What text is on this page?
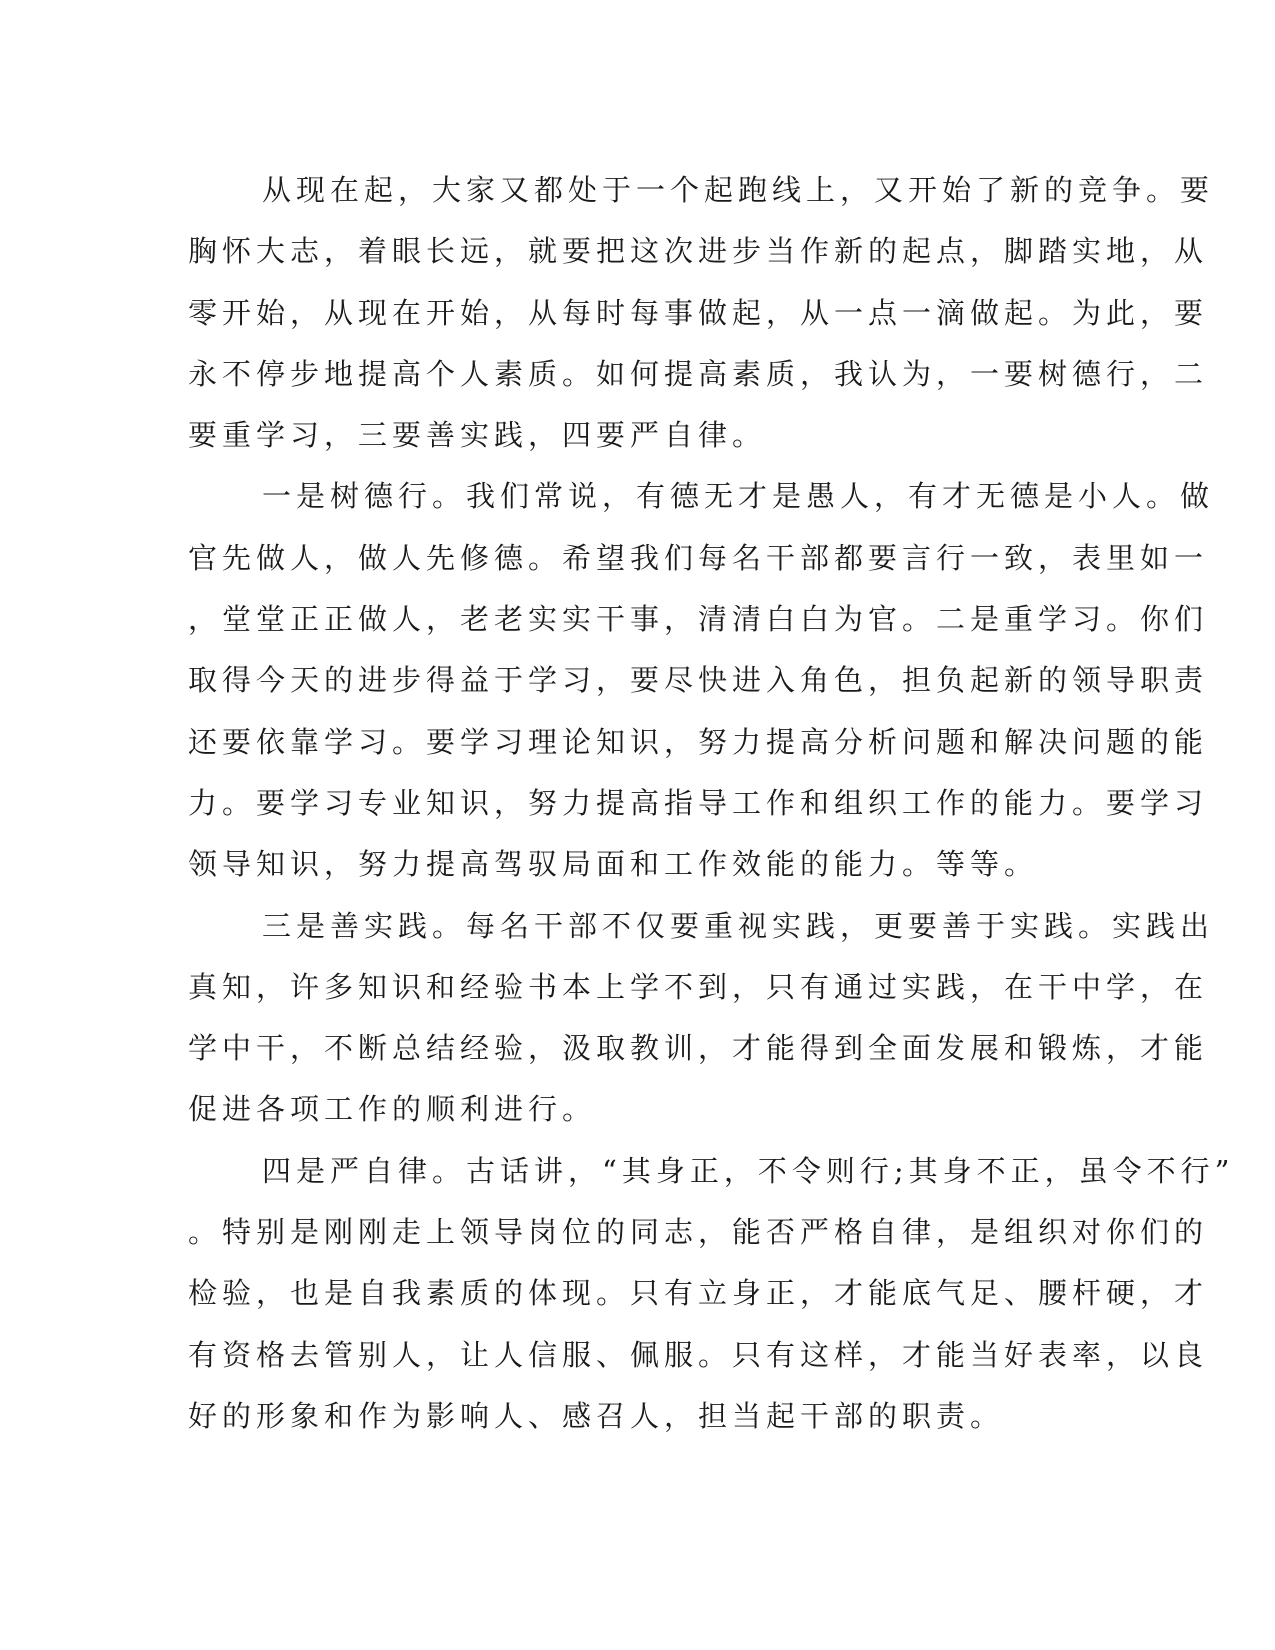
从现在起，大家又都处于一个起跑线上，又开始了新的竞争。要
胸怀大志，着眼长远，就要把这次进步当作新的起点，脚踏实地，从
零开始，从现在开始，从每时每事做起，从一点一滴做起。为此，要
永不停步地提高个人素质。如何提高素质，我认为，一要树德行，二
要重学习，三要善实践，四要严自律。
一是树德行。我们常说，有德无才是愚人，有才无德是小人。做
官先做人，做人先修德。希望我们每名干部都要言行一致，表里如一
，堂堂正正做人，老老实实干事，清清白白为官。二是重学习。你们
取得今天的进步得益于学习，要尽快进入角色，担负起新的领导职责
还要依靠学习。要学习理论知识，努力提高分析问题和解决问题的能
力。要学习专业知识，努力提高指导工作和组织工作的能力。要学习
领导知识，努力提高驾驭局面和工作效能的能力。等等。
三是善实践。每名干部不仅要重视实践，更要善于实践。实践出
真知，许多知识和经验书本上学不到，只有通过实践，在干中学，在
学中干，不断总结经验，汲取教训，才能得到全面发展和锻炼，才能
促进各项工作的顺利进行。
四是严自律。古话讲，“其身正，不令则行;其身不正，虽令不行”
。特别是刚刚走上领导岗位的同志，能否严格自律，是组织对你们的
检验，也是自我素质的体现。只有立身正，才能底气足、腰杆硬，才
有资格去管别人，让人信服、佩服。只有这样，才能当好表率，以良
好的形象和作为影响人、感召人，担当起干部的职责。
